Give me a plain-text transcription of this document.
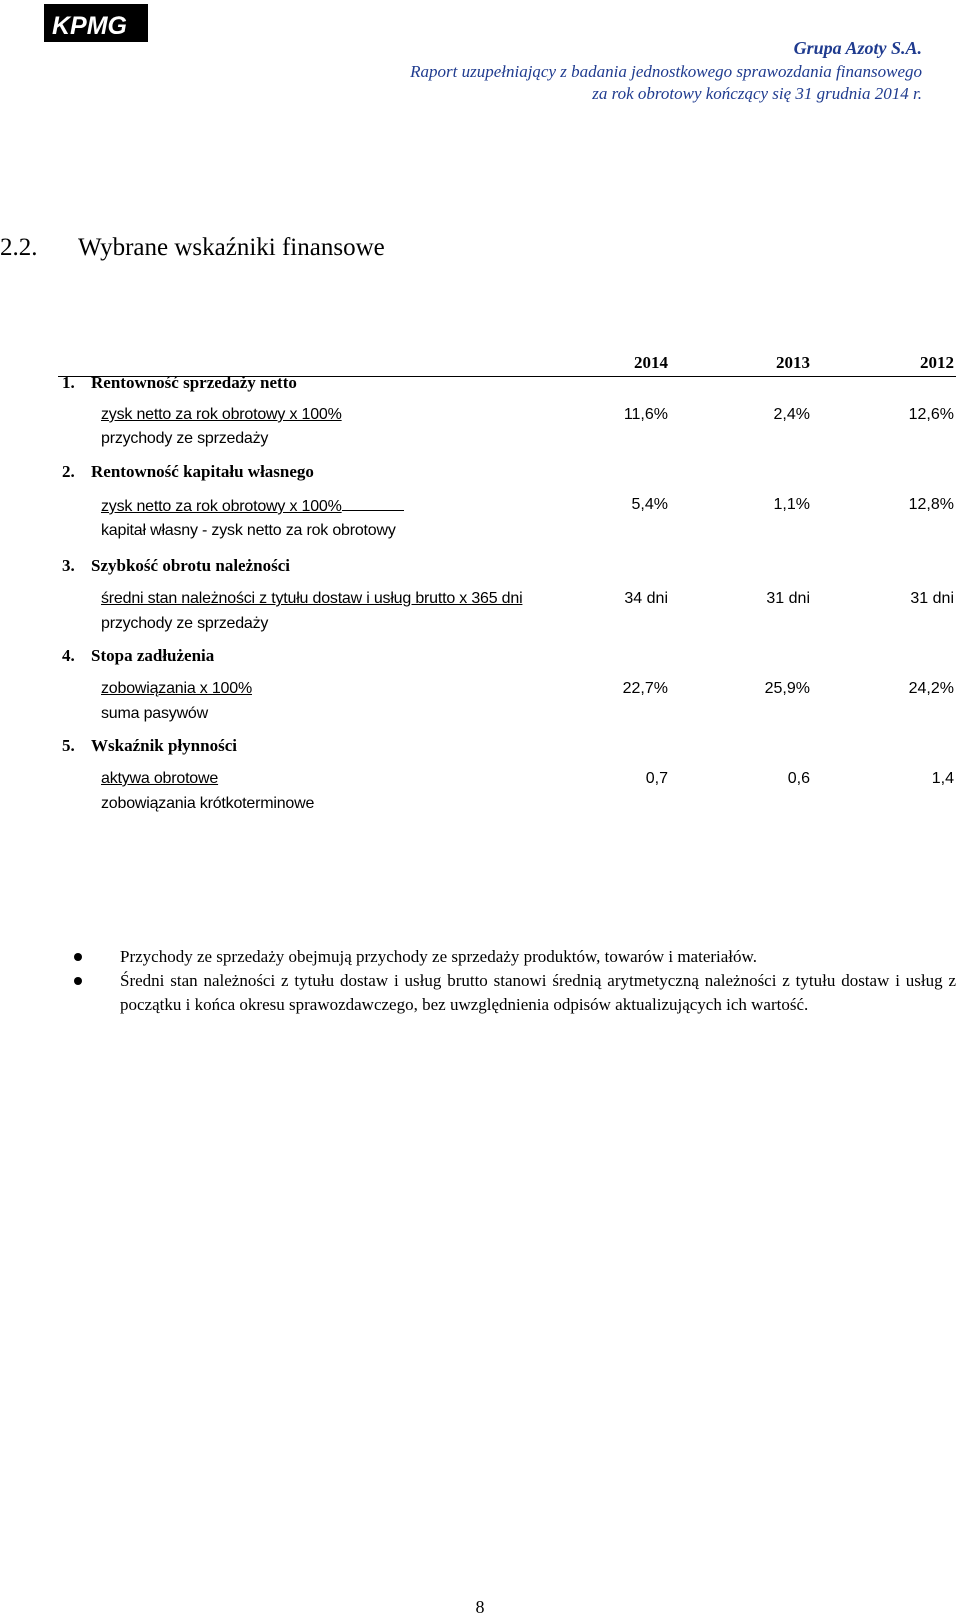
KPMG
Grupa Azoty S.A.
Raport uzupełniający z badania jednostkowego sprawozdania finansowego
za rok obrotowy kończący się 31 grudnia 2014 r.
2.2. Wybrane wskaźniki finansowe
2014	2013	2012
1. Rentowność sprzedaży netto
zysk netto za rok obrotowy x 100%
przychody ze sprzedaży
11,6%	2,4%	12,6%
2. Rentowność kapitału własnego
zysk netto za rok obrotowy x 100%
kapitał własny - zysk netto za rok obrotowy
5,4%	1,1%	12,8%
3. Szybkość obrotu należności
średni stan należności z tytułu dostaw i usług brutto x 365 dni
przychody ze sprzedaży
34 dni	31 dni	31 dni
4. Stopa zadłużenia
zobowiązania x 100%
suma pasywów
22,7%	25,9%	24,2%
5. Wskaźnik płynności
aktywa obrotowe
zobowiązania krótkoterminowe
0,7	0,6	1,4
Przychody ze sprzedaży obejmują przychody ze sprzedaży produktów, towarów i materiałów.
Średni stan należności z tytułu dostaw i usług brutto stanowi średnią arytmetyczną należności z tytułu dostaw i usług z początku i końca okresu sprawozdawczego, bez uwzględnienia odpisów aktualizujących ich wartość.
8
